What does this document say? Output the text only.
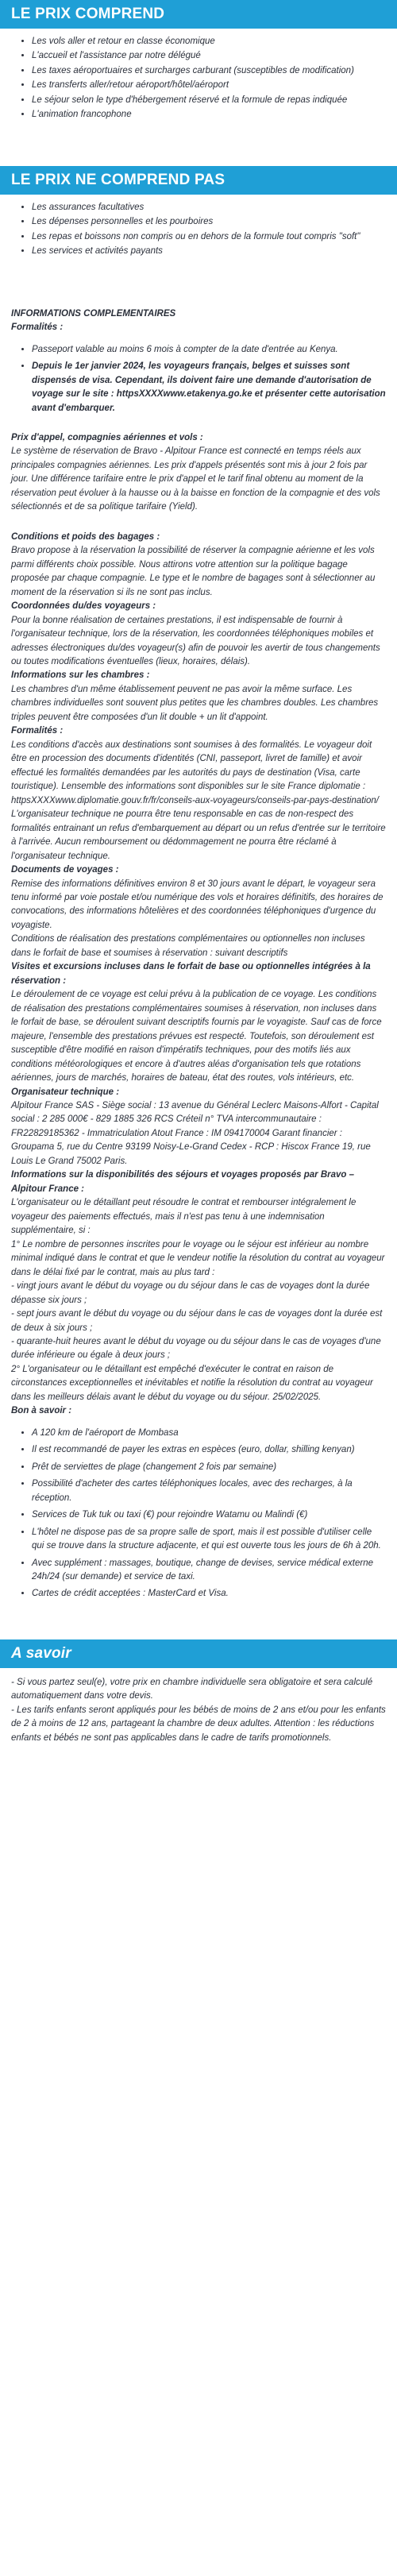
LE PRIX COMPREND
• Les vols aller et retour en classe économique
• L'accueil et l'assistance par notre délégué
• Les taxes aéroportuaires et surcharges carburant (susceptibles de modification)
• Les transferts aller/retour aéroport/hôtel/aéroport
• Le séjour selon le type d'hébergement réservé et la formule de repas indiquée
• L'animation francophone
LE PRIX NE COMPREND PAS
• Les assurances facultatives
• Les dépenses personnelles et les pourboires
• Les repas et boissons non compris ou en dehors de la formule tout compris "soft"
• Les services et activités payants

INFORMATIONS COMPLEMENTAIRES

Formalités :

• Passeport valable au moins 6 mois à compter de la date d'entrée au Kenya.
• Depuis le 1er janvier 2024, les voyageurs français, belges et suisses sont dispensés de visa. Cependant, ils doivent faire une demande d'autorisation de voyage sur le site : httpsXXXXwww.etakenya.go.ke et présenter cette autorisation avant d'embarquer.

Prix d'appel, compagnies aériennes et vols :

Le système de réservation de Bravo - Alpitour France est connecté en temps réels aux principales compagnies aériennes. Les prix d'appels présentés sont mis à jour 2 fois par jour. Une différence tarifaire entre le prix d'appel et le tarif final obtenu au moment de la réservation peut évoluer à la hausse ou à la baisse en fonction de la compagnie et des vols sélectionnés et de sa politique tarifaire (Yield).

Conditions et poids des bagages :

Bravo propose à la réservation la possibilité de réserver la compagnie aérienne et les vols parmi différents choix possible. Nous attirons votre attention sur la politique bagage proposée par chaque compagnie. Le type et le nombre de bagages sont à sélectionner au moment de la réservation si ils ne sont pas inclus.

Coordonnées du/des voyageurs :

Pour la bonne réalisation de certaines prestations, il est indispensable de fournir à l'organisateur technique, lors de la réservation, les coordonnées téléphoniques mobiles et adresses électroniques du/des voyageur(s) afin de pouvoir les avertir de tous changements ou toutes modifications éventuelles (lieux, horaires, délais).

Informations sur les chambres :

Les chambres d'un même établissement peuvent ne pas avoir la même surface. Les chambres individuelles sont souvent plus petites que les chambres doubles. Les chambres triples peuvent être composées d'un lit double + un lit d'appoint.

Formalités :

Les conditions d'accès aux destinations sont soumises à des formalités. Le voyageur doit être en procession des documents d'identités (CNI, passeport, livret de famille) et avoir effectué les formalités demandées par les autorités du pays de destination (Visa, carte touristique). Lensemble des informations sont disponibles sur le site France diplomatie : httpsXXXXwww.diplomatie.gouv.fr/fr/conseils-aux-voyageurs/conseils-par-pays-destination/
L'organisateur technique ne pourra être tenu responsable en cas de non-respect des formalités entrainant un refus d'embarquement au départ ou un refus d'entrée sur le territoire à l'arrivée. Aucun remboursement ou dédommagement ne pourra être réclamé à l'organisateur technique.

Documents de voyages :

Remise des informations définitives environ 8 et 30 jours avant le départ, le voyageur sera tenu informé par voie postale et/ou numérique des vols et horaires définitifs, des horaires de convocations, des informations hôtelières et des coordonnées téléphoniques d'urgence du voyagiste.
Conditions de réalisation des prestations complémentaires ou optionnelles non incluses dans le forfait de base et soumises à réservation : suivant descriptifs

Visites et excursions incluses dans le forfait de base ou optionnelles intégrées à la réservation :

Le déroulement de ce voyage est celui prévu à la publication de ce voyage. Les conditions de réalisation des prestations complémentaires soumises à réservation, non incluses dans le forfait de base, se déroulent suivant descriptifs fournis par le voyagiste. Sauf cas de force majeure, l'ensemble des prestations prévues est respecté. Toutefois, son déroulement est susceptible d'être modifié en raison d'impératifs techniques, pour des motifs liés aux conditions météorologiques et encore à d'autres aléas d'organisation tels que rotations aériennes, jours de marchés, horaires de bateau, état des routes, vols intérieurs, etc.

Organisateur technique :

Alpitour France SAS - Siège social : 13 avenue du Général Leclerc Maisons-Alfort - Capital social : 2 285 000€ - 829 1885 326 RCS Créteil n° TVA intercommunautaire : FR22829185362 - Immatriculation Atout France : IM 094170004 Garant financier : Groupama 5, rue du Centre 93199 Noisy-Le-Grand Cedex - RCP : Hiscox France 19, rue Louis Le Grand 75002 Paris.

Informations sur la disponibilités des séjours et voyages proposés par Bravo – Alpitour France :

L'organisateur ou le détaillant peut résoudre le contrat et rembourser intégralement le voyageur des paiements effectués, mais il n'est pas tenu à une indemnisation supplémentaire, si :
1° Le nombre de personnes inscrites pour le voyage ou le séjour est inférieur au nombre minimal indiqué dans le contrat et que le vendeur notifie la résolution du contrat au voyageur dans le délai fixé par le contrat, mais au plus tard :
- vingt jours avant le début du voyage ou du séjour dans le cas de voyages dont la durée dépasse six jours ;
- sept jours avant le début du voyage ou du séjour dans le cas de voyages dont la durée est de deux à six jours ;
- quarante-huit heures avant le début du voyage ou du séjour dans le cas de voyages d'une durée inférieure ou égale à deux jours ;
2° L'organisateur ou le détaillant est empêché d'exécuter le contrat en raison de circonstances exceptionnelles et inévitables et notifie la résolution du contrat au voyageur dans les meilleurs délais avant le début du voyage ou du séjour. 25/02/2025.

Bon à savoir :

• A 120 km de l'aéroport de Mombasa
• Il est recommandé de payer les extras en espèces (euro, dollar, shilling kenyan)
• Prêt de serviettes de plage (changement 2 fois par semaine)
• Possibilité d'acheter des cartes téléphoniques locales, avec des recharges, à la réception.
• Services de Tuk tuk ou taxi (€) pour rejoindre Watamu ou Malindi (€)
• L'hôtel ne dispose pas de sa propre salle de sport, mais il est possible d'utiliser celle qui se trouve dans la structure adjacente, et qui est ouverte tous les jours de 6h à 20h.
• Avec supplément : massages, boutique, change de devises, service médical externe 24h/24 (sur demande) et service de taxi.
• Cartes de crédit acceptées : MasterCard et Visa.
A savoir

- Si vous partez seul(e), votre prix en chambre individuelle sera obligatoire et sera calculé automatiquement dans votre devis.
- Les tarifs enfants seront appliqués pour les bébés de moins de 2 ans et/ou pour les enfants de 2 à moins de 12 ans, partageant la chambre de deux adultes. Attention : les réductions enfants et bébés ne sont pas applicables dans le cadre de tarifs promotionnels.
